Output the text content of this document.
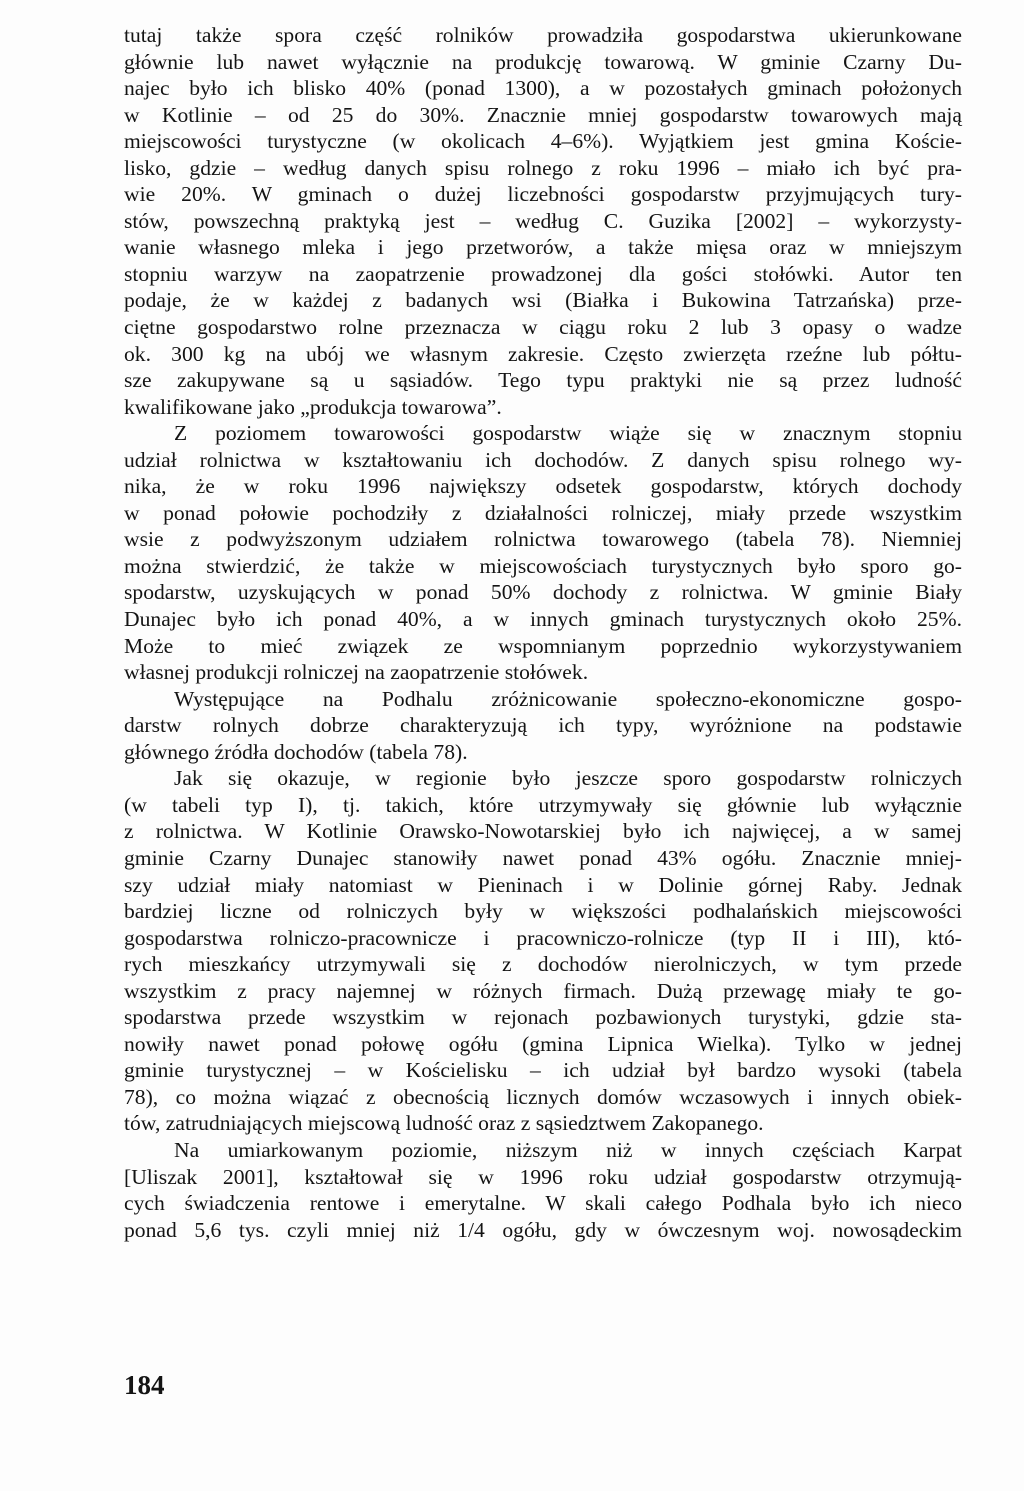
tutaj także spora część rolników prowadziła gospodarstwa ukierunkowane
głównie lub nawet wyłącznie na produkcję towarową. W gminie Czarny Du-
najec było ich blisko 40% (ponad 1300), a w pozostałych gminach położonych
w Kotlinie – od 25 do 30%. Znacznie mniej gospodarstw towarowych mają
miejscowości turystyczne (w okolicach 4–6%). Wyjątkiem jest gmina Koście-
lisko, gdzie – według danych spisu rolnego z roku 1996 – miało ich być pra-
wie 20%. W gminach o dużej liczebności gospodarstw przyjmujących tury-
stów, powszechną praktyką jest – według C. Guzika [2002] – wykorzysty-
wanie własnego mleka i jego przetworów, a także mięsa oraz w mniejszym
stopniu warzyw na zaopatrzenie prowadzonej dla gości stołówki. Autor ten
podaje, że w każdej z badanych wsi (Białka i Bukowina Tatrzańska) prze-
ciętne gospodarstwo rolne przeznacza w ciągu roku 2 lub 3 opasy o wadze
ok. 300 kg na ubój we własnym zakresie. Często zwierzęta rzeźne lub półtu-
sze zakupywane są u sąsiadów. Tego typu praktyki nie są przez ludność
kwalifikowane jako „produkcja towarowa”.
Z poziomem towarowości gospodarstw wiąże się w znacznym stopniu
udział rolnictwa w kształtowaniu ich dochodów. Z danych spisu rolnego wy-
nika, że w roku 1996 największy odsetek gospodarstw, których dochody
w ponad połowie pochodziły z działalności rolniczej, miały przede wszystkim
wsie z podwyższonym udziałem rolnictwa towarowego (tabela 78). Niemniej
można stwierdzić, że także w miejscowościach turystycznych było sporo go-
spodarstw, uzyskujących w ponad 50% dochody z rolnictwa. W gminie Biały
Dunajec było ich ponad 40%, a w innych gminach turystycznych około 25%.
Może to mieć związek ze wspomnianym poprzednio wykorzystywaniem
własnej produkcji rolniczej na zaopatrzenie stołówek.
Występujące na Podhalu zróżnicowanie społeczno-ekonomiczne gospo-
darstw rolnych dobrze charakteryzują ich typy, wyróżnione na podstawie
głównego źródła dochodów (tabela 78).
Jak się okazuje, w regionie było jeszcze sporo gospodarstw rolniczych
(w tabeli typ I), tj. takich, które utrzymywały się głównie lub wyłącznie
z rolnictwa. W Kotlinie Orawsko-Nowotarskiej było ich najwięcej, a w samej
gminie Czarny Dunajec stanowiły nawet ponad 43% ogółu. Znacznie mniej-
szy udział miały natomiast w Pieninach i w Dolinie górnej Raby. Jednak
bardziej liczne od rolniczych były w większości podhalańskich miejscowości
gospodarstwa rolniczo-pracownicze i pracowniczo-rolnicze (typ II i III), któ-
rych mieszkańcy utrzymywali się z dochodów nierolniczych, w tym przede
wszystkim z pracy najemnej w różnych firmach. Dużą przewagę miały te go-
spodarstwa przede wszystkim w rejonach pozbawionych turystyki, gdzie sta-
nowiły nawet ponad połowę ogółu (gmina Lipnica Wielka). Tylko w jednej
gminie turystycznej – w Kościelisku – ich udział był bardzo wysoki (tabela
78), co można wiązać z obecnością licznych domów wczasowych i innych obiek-
tów, zatrudniających miejscową ludność oraz z sąsiedztwem Zakopanego.
Na umiarkowanym poziomie, niższym niż w innych częściach Karpat
[Uliszak 2001], kształtował się w 1996 roku udział gospodarstw otrzymują-
cych świadczenia rentowe i emerytalne. W skali całego Podhala było ich nieco
ponad 5,6 tys. czyli mniej niż 1/4 ogółu, gdy w ówczesnym woj. nowosądeckim
184
